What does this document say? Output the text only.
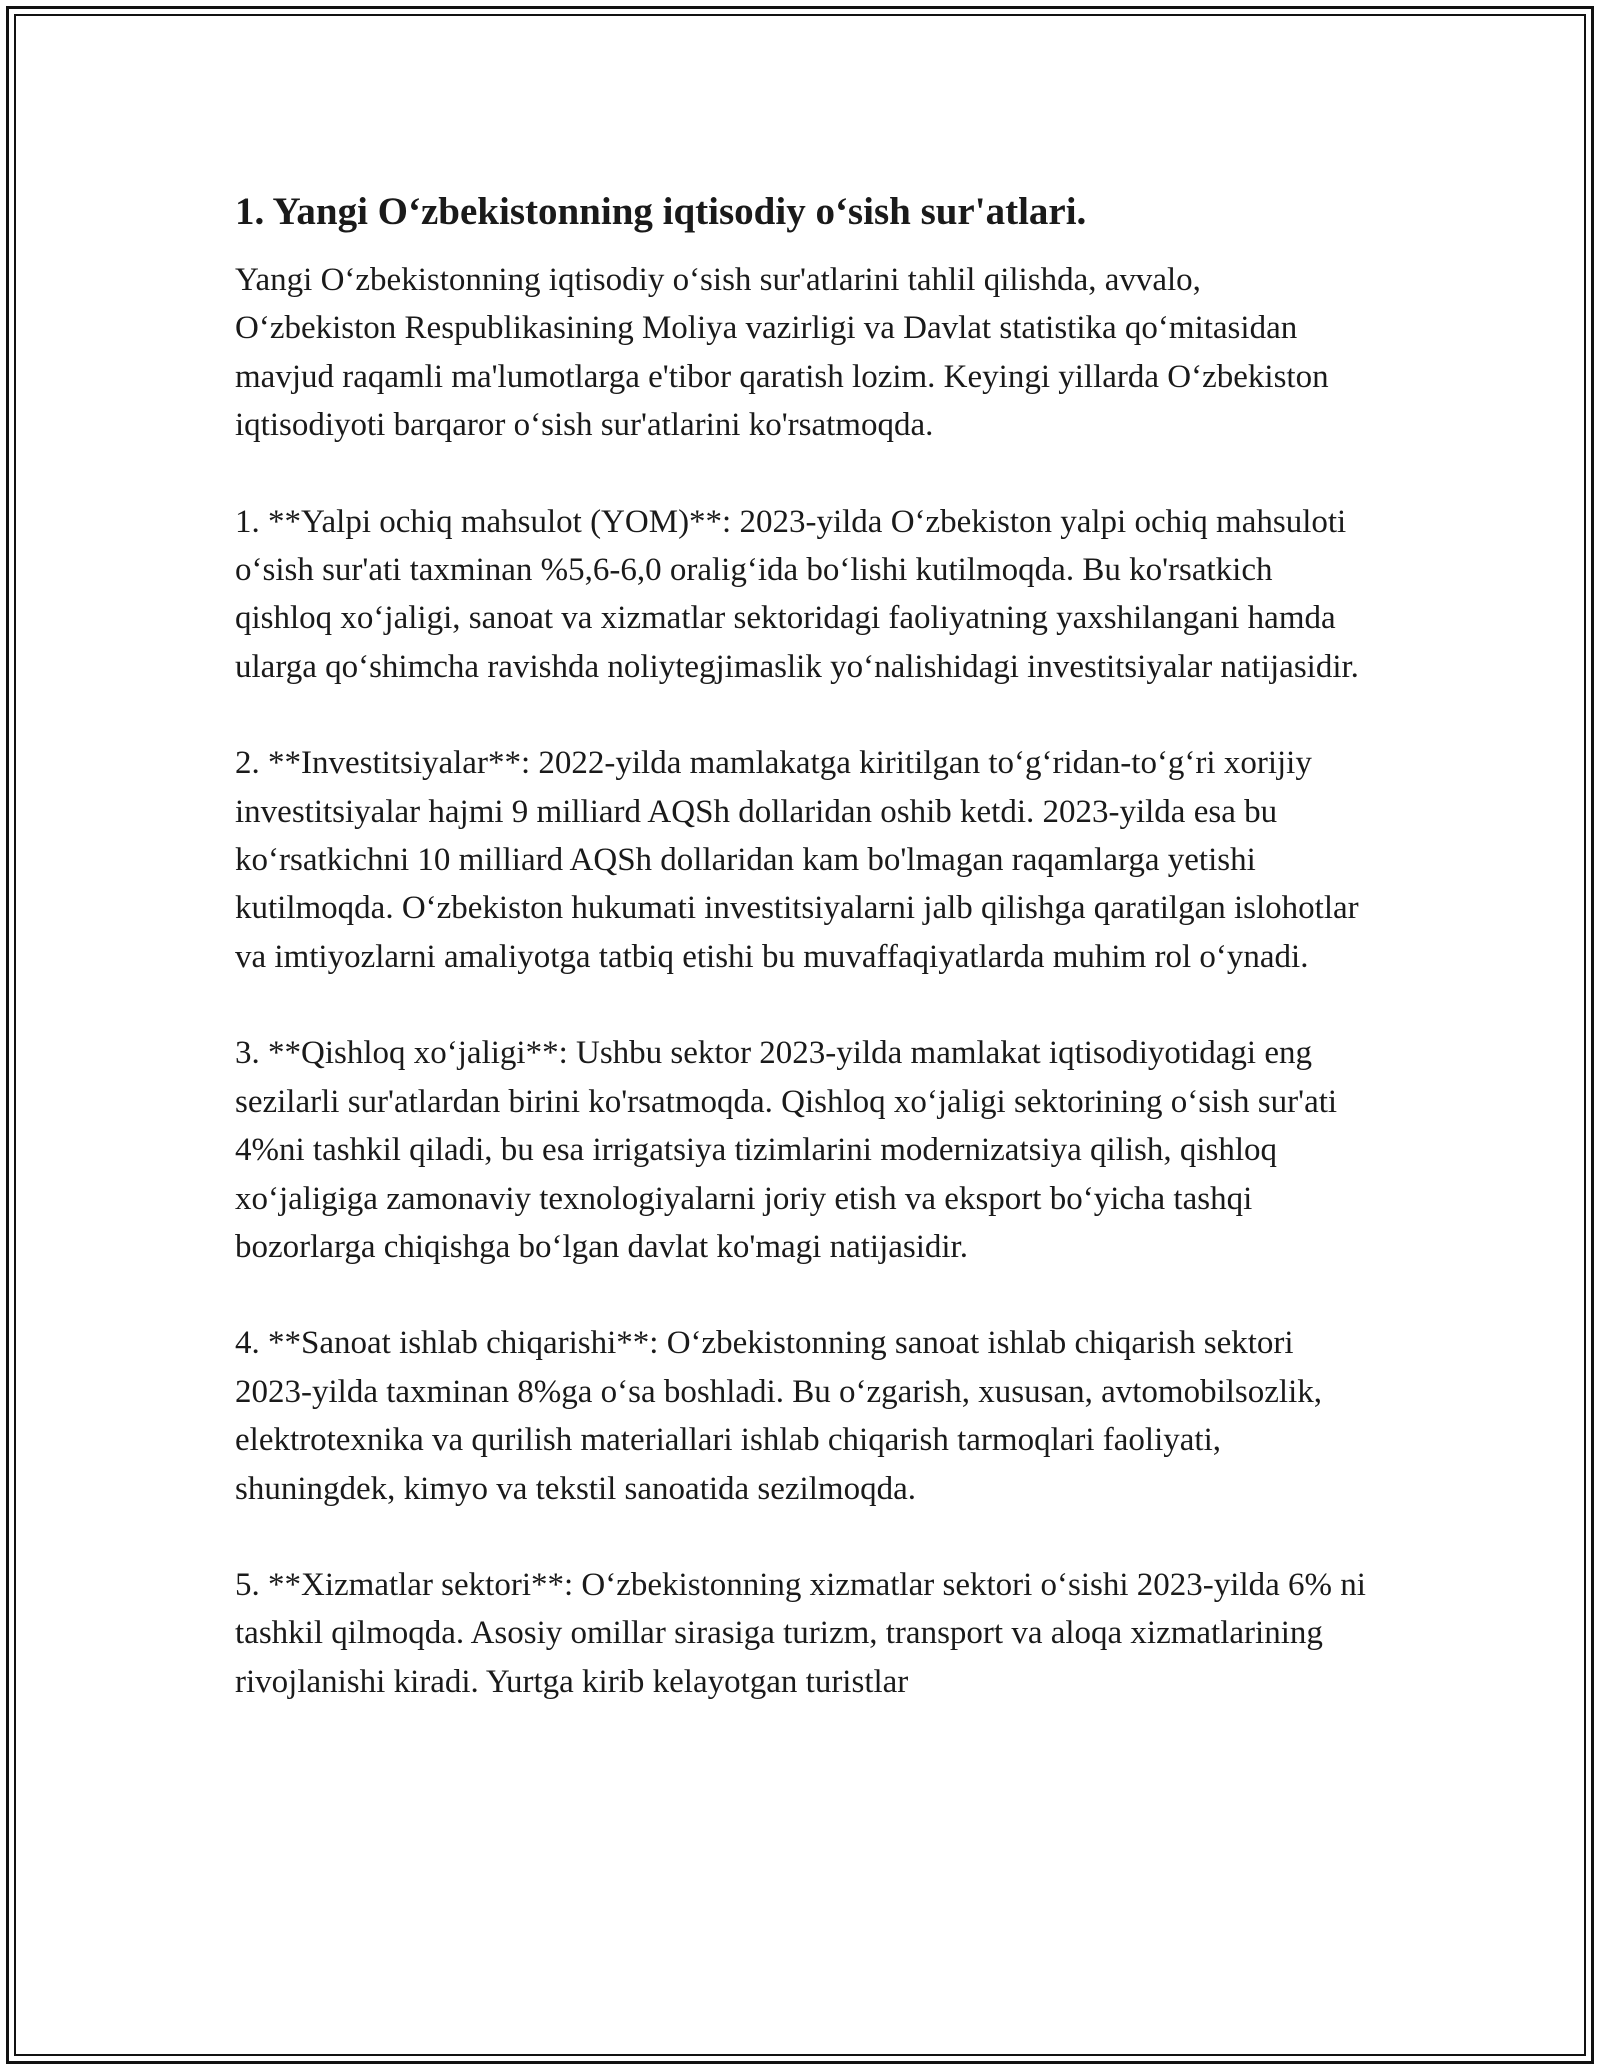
1. Yangi O‘zbekistonning iqtisodiy o‘sish sur'atlari.

Yangi O‘zbekistonning iqtisodiy o‘sish sur'atlarini tahlil qilishda, avvalo, O‘zbekiston Respublikasining Moliya vazirligi va Davlat statistika qo‘mitasidan mavjud raqamli ma'lumotlarga e'tibor qaratish lozim. Keyingi yillarda O‘zbekiston iqtisodiyoti barqaror o‘sish sur'atlarini ko'rsatmoqda.

1. **Yalpi ochiq mahsulot (YOM)**: 2023-yilda O‘zbekiston yalpi ochiq mahsuloti o‘sish sur'ati taxminan %5,6-6,0 oralig‘ida bo‘lishi kutilmoqda. Bu ko'rsatkich qishloq xo‘jaligi, sanoat va xizmatlar sektoridagi faoliyatning yaxshilangani hamda ularga qo‘shimcha ravishda noliytegjimaslik yo‘nalishidagi investitsiyalar natijasidir.

2. **Investitsiyalar**: 2022-yilda mamlakatga kiritilgan to‘g‘ridan-to‘g‘ri xorijiy investitsiyalar hajmi 9 milliard AQSh dollaridan oshib ketdi. 2023-yilda esa bu ko‘rsatkichni 10 milliard AQSh dollaridan kam bo'lmagan raqamlarga yetishi kutilmoqda. O‘zbekiston hukumati investitsiyalarni jalb qilishga qaratilgan islohotlar va imtiyozlarni amaliyotga tatbiq etishi bu muvaffaqiyatlarda muhim rol o‘ynadi.

3. **Qishloq xo‘jaligi**: Ushbu sektor 2023-yilda mamlakat iqtisodiyotidagi eng sezilarli sur'atlardan birini ko'rsatmoqda. Qishloq xo‘jaligi sektorining o‘sish sur'ati 4%ni tashkil qiladi, bu esa irrigatsiya tizimlarini modernizatsiya qilish, qishloq xo‘jaligiga zamonaviy texnologiyalarni joriy etish va eksport bo‘yicha tashqi bozorlarga chiqishga bo‘lgan davlat ko'magi natijasidir.

4. **Sanoat ishlab chiqarishi**: O‘zbekistonning sanoat ishlab chiqarish sektori 2023-yilda taxminan 8%ga o‘sa boshladi. Bu o‘zgarish, xususan, avtomobilsozlik, elektrotexnika va qurilish materiallari ishlab chiqarish tarmoqlari faoliyati, shuningdek, kimyo va tekstil sanoatida sezilmoqda.

5. **Xizmatlar sektori**: O‘zbekistonning xizmatlar sektori o‘sishi 2023-yilda 6% ni tashkil qilmoqda. Asosiy omillar sirasiga turizm, transport va aloqa xizmatlarining rivojlanishi kiradi. Yurtga kirib kelayotgan turistlar
